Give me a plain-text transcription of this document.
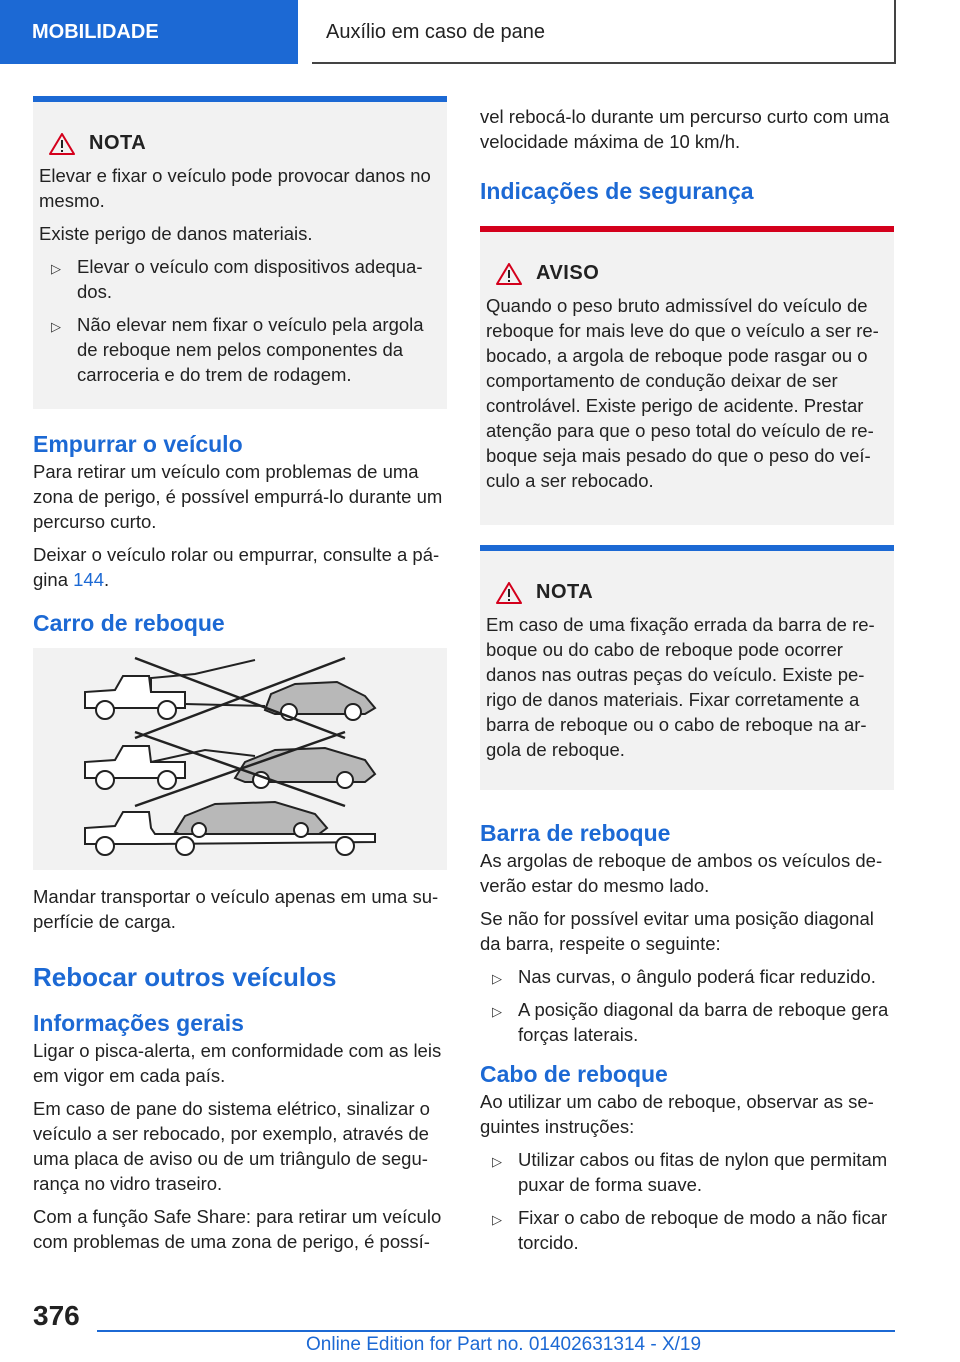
MOBILIDADE	Auxílio em caso de pane
NOTA

Elevar e fixar o veículo pode provocar danos no mesmo.

Existe perigo de danos materiais.

▷ Elevar o veículo com dispositivos adequa-dos.
▷ Não elevar nem fixar o veículo pela argola de reboque nem pelos componentes da carroceria e do trem de rodagem.
Empurrar o veículo

Para retirar um veículo com problemas de uma zona de perigo, é possível empurrá-lo durante um percurso curto.

Deixar o veículo rolar ou empurrar, consulte a pá-gina 144.

Carro de reboque

Mandar transportar o veículo apenas em uma su-perfície de carga.

Rebocar outros veículos
Informações gerais

Ligar o pisca-alerta, em conformidade com as leis em vigor em cada país.

Em caso de pane do sistema elétrico, sinalizar o veículo a ser rebocado, por exemplo, através de uma placa de aviso ou de um triângulo de segu-rança no vidro traseiro.

Com a função Safe Share: para retirar um veículo com problemas de uma zona de perigo, é possí-

vel rebocá-lo durante um percurso curto com uma velocidade máxima de 10 km/h.

Indicações de segurança
AVISO

Quando o peso bruto admissível do veículo de reboque for mais leve do que o veículo a ser re-bocado, a argola de reboque pode rasgar ou o comportamento de condução deixar de ser controlável. Existe perigo de acidente. Prestar atenção para que o peso total do veículo de re-boque seja mais pesado do que o peso do veí-culo a ser rebocado.

NOTA

Em caso de uma fixação errada da barra de re-boque ou do cabo de reboque pode ocorrer danos nas outras peças do veículo. Existe pe-rigo de danos materiais. Fixar corretamente a barra de reboque ou o cabo de reboque na ar-gola de reboque.

Barra de reboque

As argolas de reboque de ambos os veículos de-verão estar do mesmo lado.

Se não for possível evitar uma posição diagonal da barra, respeite o seguinte:

▷ Nas curvas, o ângulo poderá ficar reduzido.
▷ A posição diagonal da barra de reboque gera forças laterais.
Cabo de reboque

Ao utilizar um cabo de reboque, observar as se-guintes instruções:

▷ Utilizar cabos ou fitas de nylon que permitam puxar de forma suave.
▷ Fixar o cabo de reboque de modo a não ficar torcido.
376
Online Edition for Part no. 01402631314 - X/19
